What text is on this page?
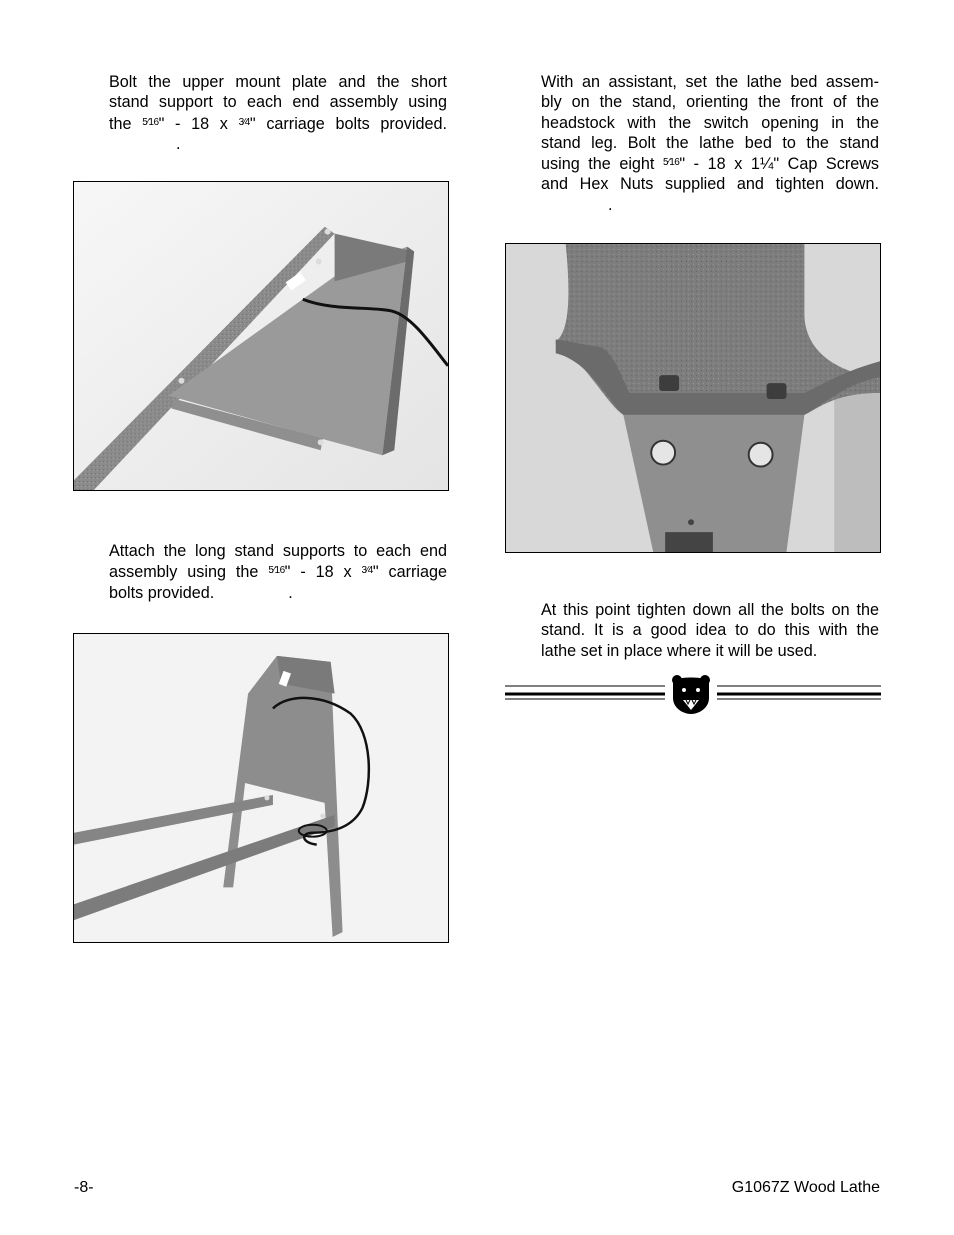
Bolt the upper mount plate and the short
stand support to each end assembly using
the $^{5⁄16}$" - 18 x $^{3⁄4}$" carriage bolts provided.
.
Attach the long stand supports to each end
assembly using the $^{5⁄16}$" - 18 x $^{3⁄4}$" carriage
bolts provided.	.
With an assistant, set the lathe bed assem-
bly on the stand, orienting the front of the
headstock with the switch opening in the
stand leg. Bolt the lathe bed to the stand
using the eight $^{5⁄16}$" - 18 x 1¼" Cap Screws
and Hex Nuts supplied and tighten down.
.
At this point tighten down all the bolts on the
stand. It is a good idea to do this with the
lathe set in place where it will be used.
-8-	G1067Z Wood Lathe
